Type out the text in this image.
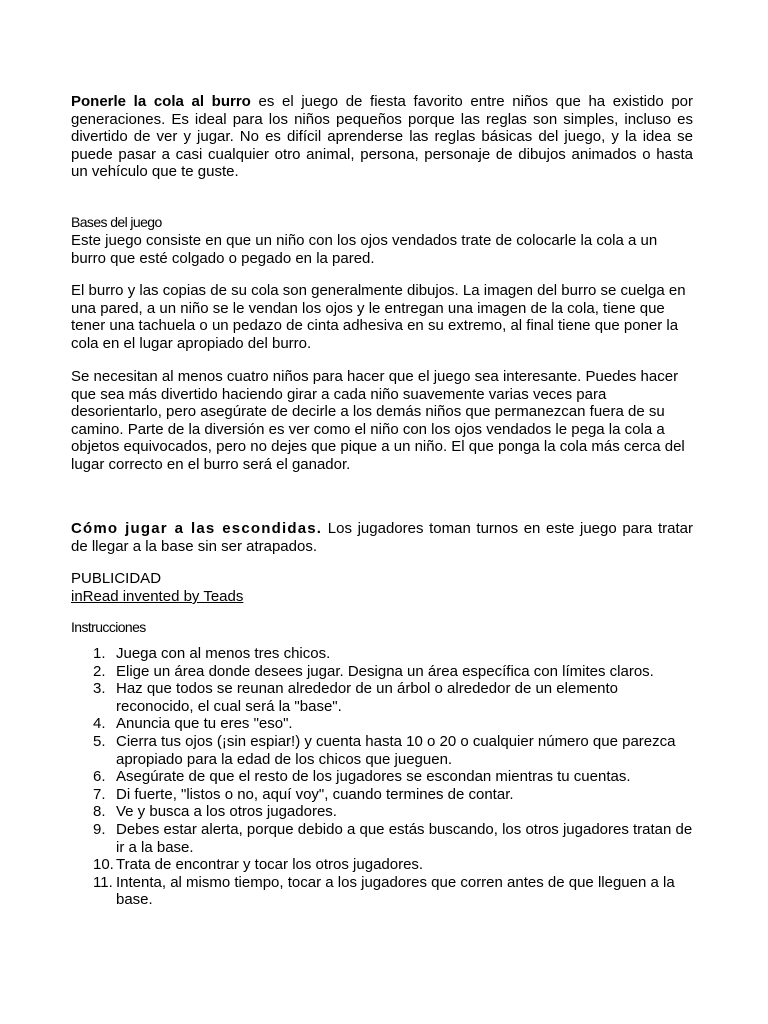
Ponerle la cola al burro es el juego de fiesta favorito entre niños que ha existido por generaciones. Es ideal para los niños pequeños porque las reglas son simples, incluso es divertido de ver y jugar. No es difícil aprenderse las reglas básicas del juego, y la idea se puede pasar a casi cualquier otro animal, persona, personaje de dibujos animados o hasta un vehículo que te guste.

Bases del juego

Este juego consiste en que un niño con los ojos vendados trate de colocarle la cola a un burro que esté colgado o pegado en la pared.

El burro y las copias de su cola son generalmente dibujos. La imagen del burro se cuelga en una pared, a un niño se le vendan los ojos y le entregan una imagen de la cola, tiene que tener una tachuela o un pedazo de cinta adhesiva en su extremo, al final tiene que poner la cola en el lugar apropiado del burro.

Se necesitan al menos cuatro niños para hacer que el juego sea interesante. Puedes hacer que sea más divertido haciendo girar a cada niño suavemente varias veces para desorientarlo, pero asegúrate de decirle a los demás niños que permanezcan fuera de su camino. Parte de la diversión es ver como el niño con los ojos vendados le pega la cola a objetos equivocados, pero no dejes que pique a un niño. El que ponga la cola más cerca del lugar correcto en el burro será el ganador.

Cómo jugar a las escondidas. Los jugadores toman turnos en este juego para tratar de llegar a la base sin ser atrapados.

PUBLICIDAD
inRead invented by Teads
Instrucciones
1. Juega con al menos tres chicos.
2. Elige un área donde desees jugar. Designa un área específica con límites claros.
3. Haz que todos se reunan alrededor de un árbol o alrededor de un elemento reconocido, el cual será la "base".
4. Anuncia que tu eres "eso".
5. Cierra tus ojos (¡sin espiar!) y cuenta hasta 10 o 20 o cualquier número que parezca apropiado para la edad de los chicos que jueguen.
6. Asegúrate de que el resto de los jugadores se escondan mientras tu cuentas.
7. Di fuerte, "listos o no, aquí voy", cuando termines de contar.
8. Ve y busca a los otros jugadores.
9. Debes estar alerta, porque debido a que estás buscando, los otros jugadores tratan de ir a la base.
10. Trata de encontrar y tocar los otros jugadores.
11. Intenta, al mismo tiempo, tocar a los jugadores que corren antes de que lleguen a la base.
